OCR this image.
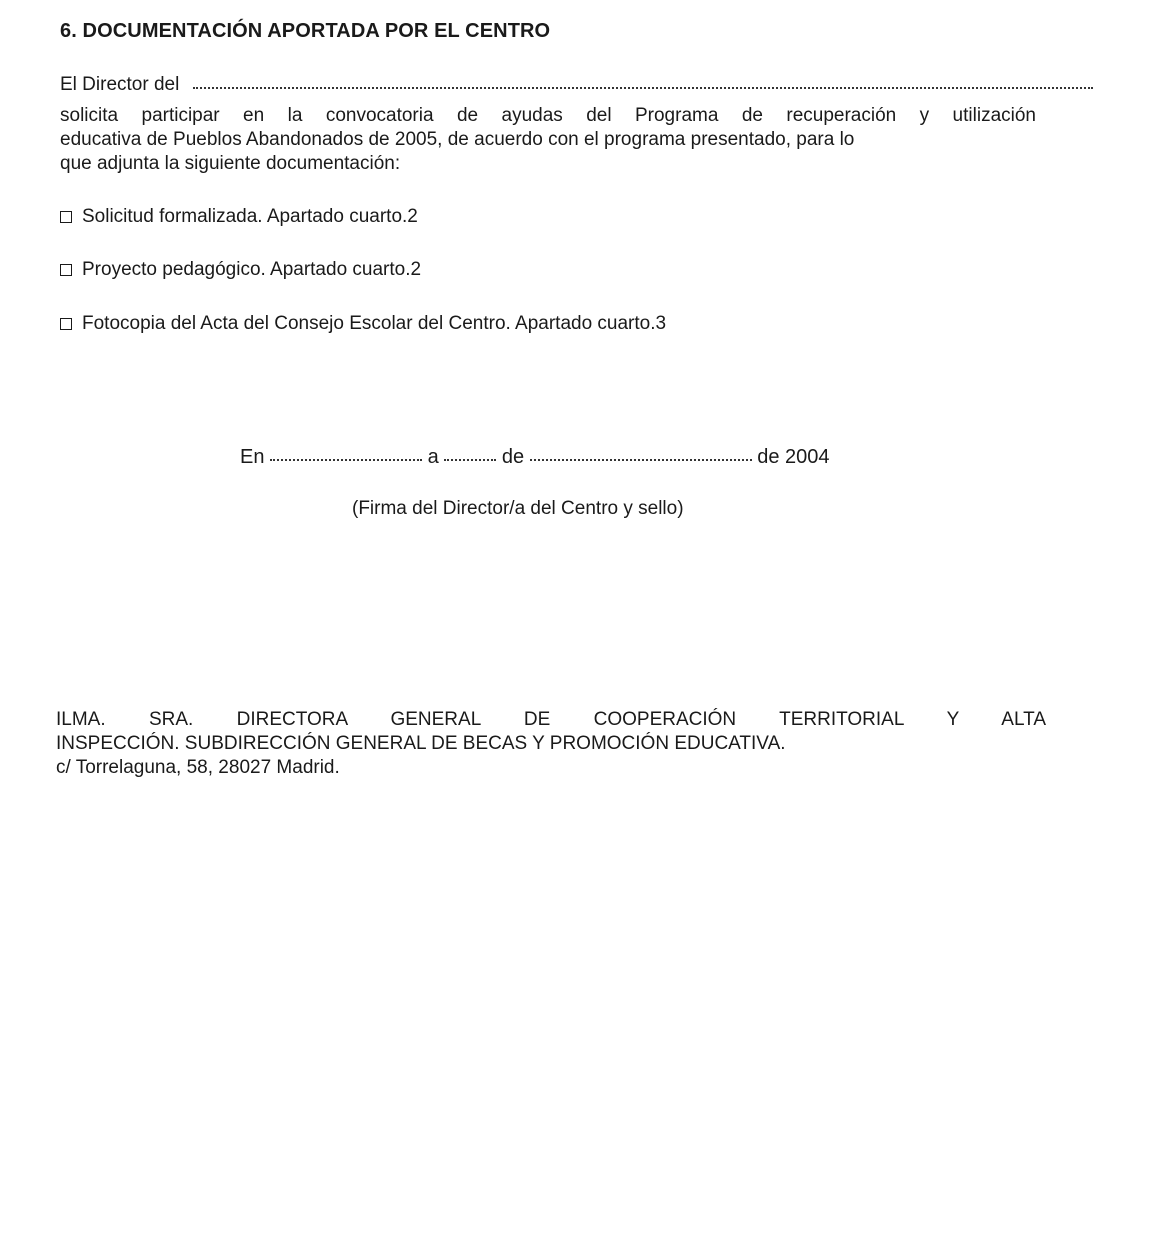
6. DOCUMENTACIÓN APORTADA POR EL CENTRO
El Director del
solicita participar en la convocatoria de ayudas del Programa de recuperación y utilización
educativa de Pueblos Abandonados de 2005, de acuerdo con el programa presentado, para lo
que adjunta la siguiente documentación:
Solicitud formalizada. Apartado cuarto.2
Proyecto pedagógico. Apartado cuarto.2
Fotocopia del Acta del Consejo Escolar del Centro. Apartado cuarto.3
En	a	de	de 2004
(Firma del Director/a del Centro y sello)
ILMA. SRA. DIRECTORA GENERAL DE COOPERACIÓN TERRITORIAL Y ALTA
INSPECCIÓN. SUBDIRECCIÓN GENERAL DE BECAS Y PROMOCIÓN EDUCATIVA.
c/ Torrelaguna, 58, 28027 Madrid.
